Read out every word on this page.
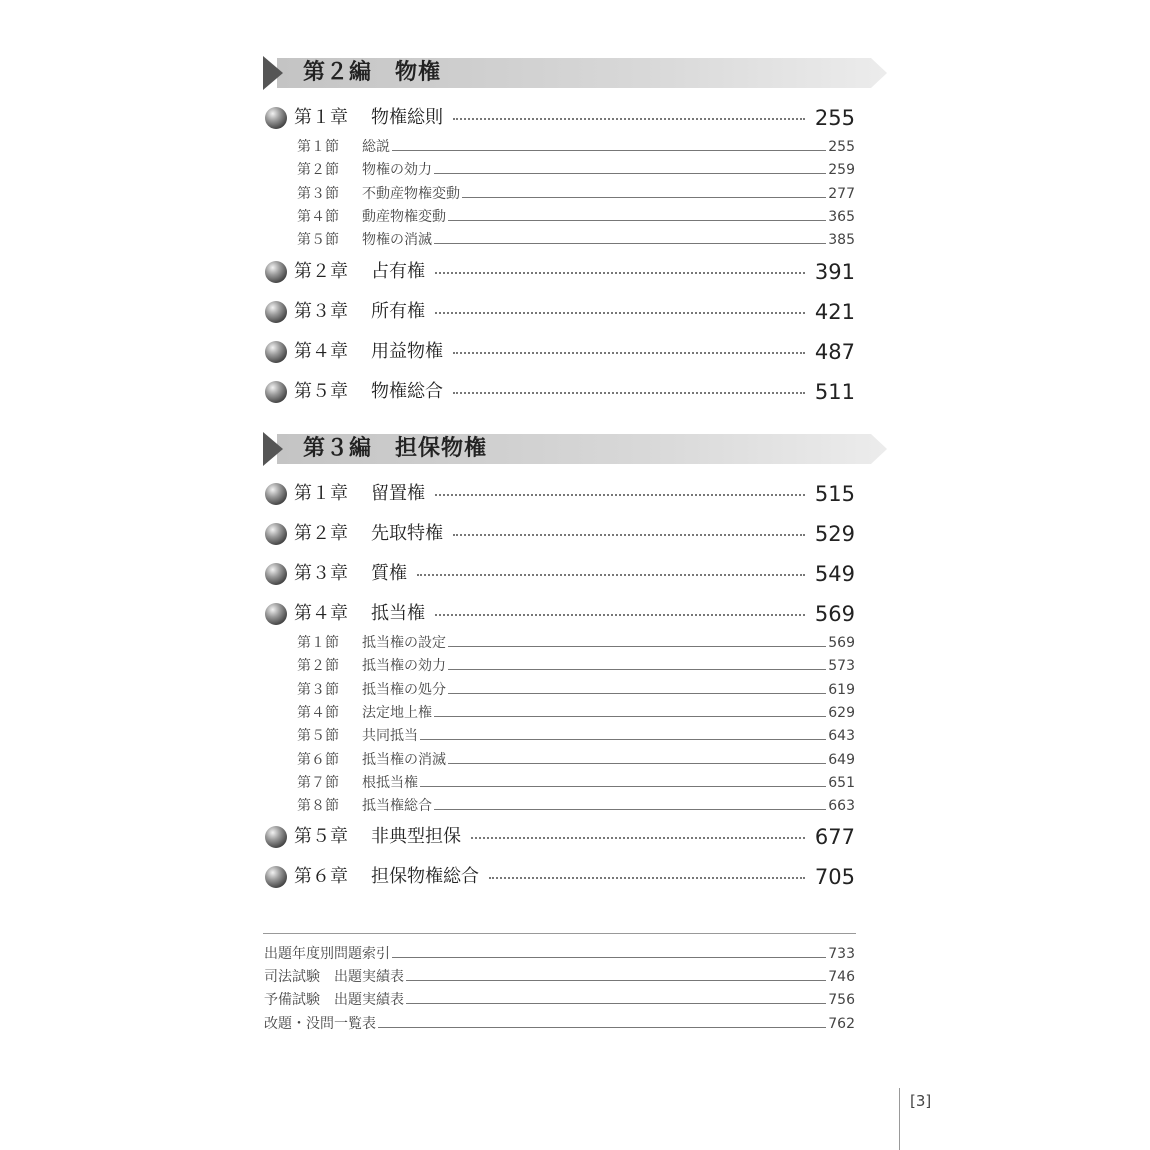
[3]
第２編　物権
第１章 物権総則	255
第１節 総説	255
第２節 物権の効力	259
第３節 不動産物権変動	277
第４節 動産物権変動	365
第５節 物権の消滅	385
第２章 占有権	391
第３章 所有権	421
第４章 用益物権	487
第５章 物権総合	511
第３編　担保物権
第１章 留置権	515
第２章 先取特権	529
第３章 質権	549
第４章 抵当権	569
第１節 抵当権の設定	569
第２節 抵当権の効力	573
第３節 抵当権の処分	619
第４節 法定地上権	629
第５節 共同抵当	643
第６節 抵当権の消滅	649
第７節 根抵当権	651
第８節 抵当権総合	663
第５章 非典型担保	677
第６章 担保物権総合	705
出題年度別問題索引	733
司法試験　出題実績表	746
予備試験　出題実績表	756
改題・没問一覧表	762
